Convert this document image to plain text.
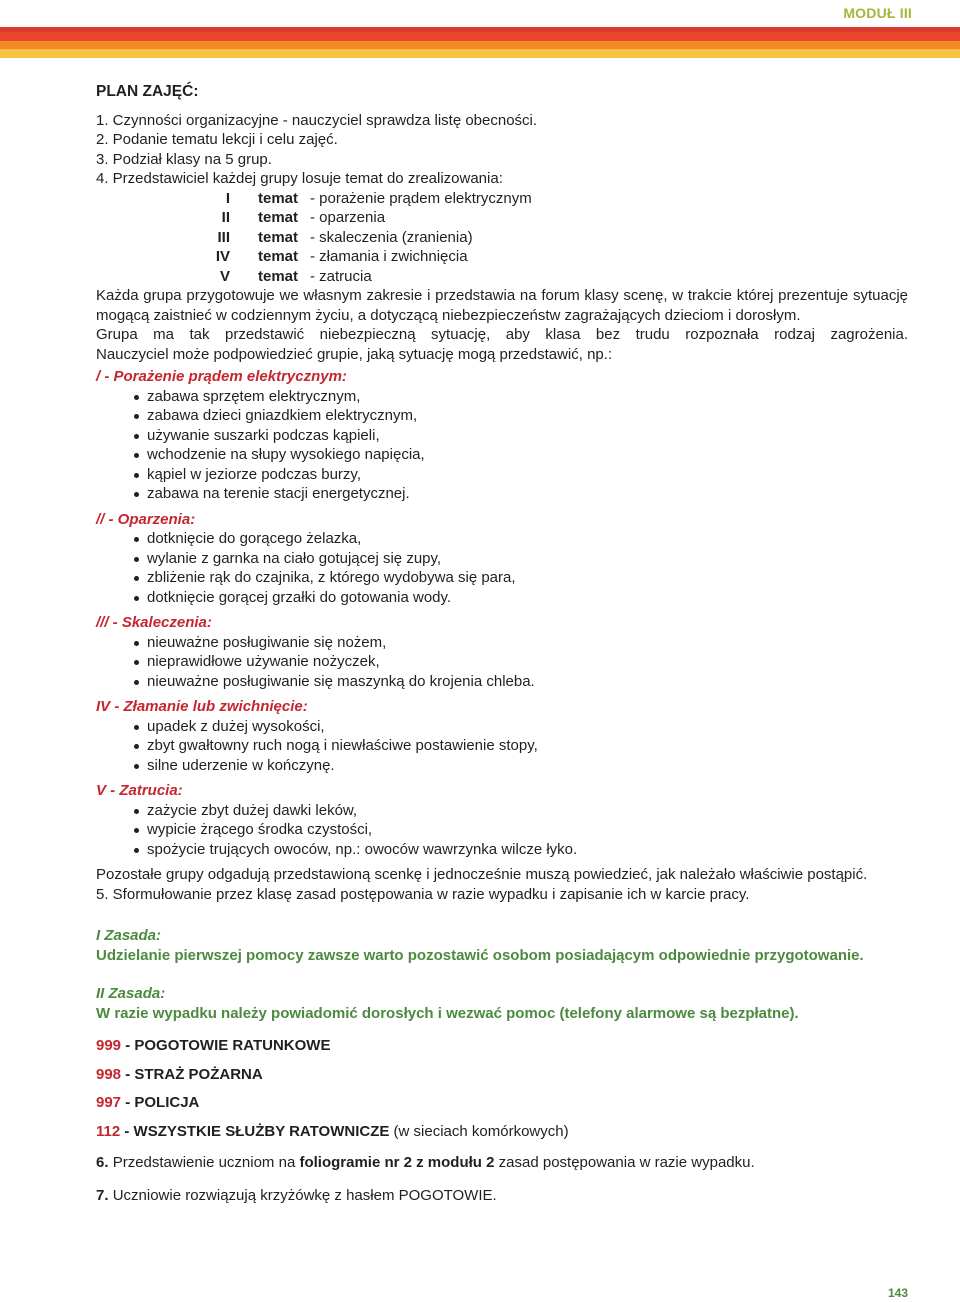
MODUŁ III

PLAN ZAJĘĆ:

1. Czynności organizacyjne - nauczyciel sprawdza listę obecności.

2. Podanie tematu lekcji i celu zajęć.

3. Podział klasy na 5 grup.

4. Przedstawiciel każdej grupy losuje temat do zrealizowania:

I	temat - porażenie prądem elektrycznym
II	temat - oparzenia
III	temat - skaleczenia (zranienia)
IV	temat - złamania i zwichnięcia
V	temat - zatrucia

Każda grupa przygotowuje we własnym zakresie i przedstawia na forum klasy scenę, w trakcie której prezentuje sytuację mogącą zaistnieć w codziennym życiu, a dotyczącą niebezpieczeństw zagrażających dzieciom i dorosłym.

Grupa ma tak przedstawić niebezpieczną sytuację, aby klasa bez trudu rozpoznała rodzaj zagrożenia.

Nauczyciel może podpowiedzieć grupie, jaką sytuację mogą przedstawić, np.:

/ - Porażenie prądem elektrycznym:

zabawa sprzętem elektrycznym,
zabawa dzieci gniazdkiem elektrycznym,
używanie suszarki podczas kąpieli,
wchodzenie na słupy wysokiego napięcia,
kąpiel w jeziorze podczas burzy,
zabawa na terenie stacji energetycznej.

// - Oparzenia:

dotknięcie do gorącego żelazka,
wylanie z garnka na ciało gotującej się zupy,
zbliżenie rąk do czajnika, z którego wydobywa się para,
dotknięcie gorącej grzałki do gotowania wody.

/// - Skaleczenia:

nieuważne posługiwanie się nożem,
nieprawidłowe używanie nożyczek,
nieuważne posługiwanie się maszynką do krojenia chleba.

IV - Złamanie lub zwichnięcie:

upadek z dużej wysokości,
zbyt gwałtowny ruch nogą i niewłaściwe postawienie stopy,
silne uderzenie w kończynę.

V - Zatrucia:

zażycie zbyt dużej dawki leków,
wypicie żrącego środka czystości,
spożycie trujących owoców, np.: owoców wawrzynka wilcze łyko.

Pozostałe grupy odgadują przedstawioną scenkę i jednocześnie muszą powiedzieć, jak należało właściwie postąpić.

5. Sformułowanie przez klasę zasad postępowania w razie wypadku i zapisanie ich w karcie pracy.

I Zasada:

Udzielanie pierwszej pomocy zawsze warto pozostawić osobom posiadającym odpowiednie przygotowanie.

II Zasada:

W razie wypadku należy powiadomić dorosłych i wezwać pomoc (telefony alarmowe są bezpłatne).

999 - POGOTOWIE RATUNKOWE

998 - STRAŻ POŻARNA

997 - POLICJA

112 - WSZYSTKIE SŁUŻBY RATOWNICZE (w sieciach komórkowych)

6. Przedstawienie uczniom na foliogramie nr 2 z modułu 2 zasad postępowania w razie wypadku.

7. Uczniowie rozwiązują krzyżówkę z hasłem POGOTOWIE.

143
